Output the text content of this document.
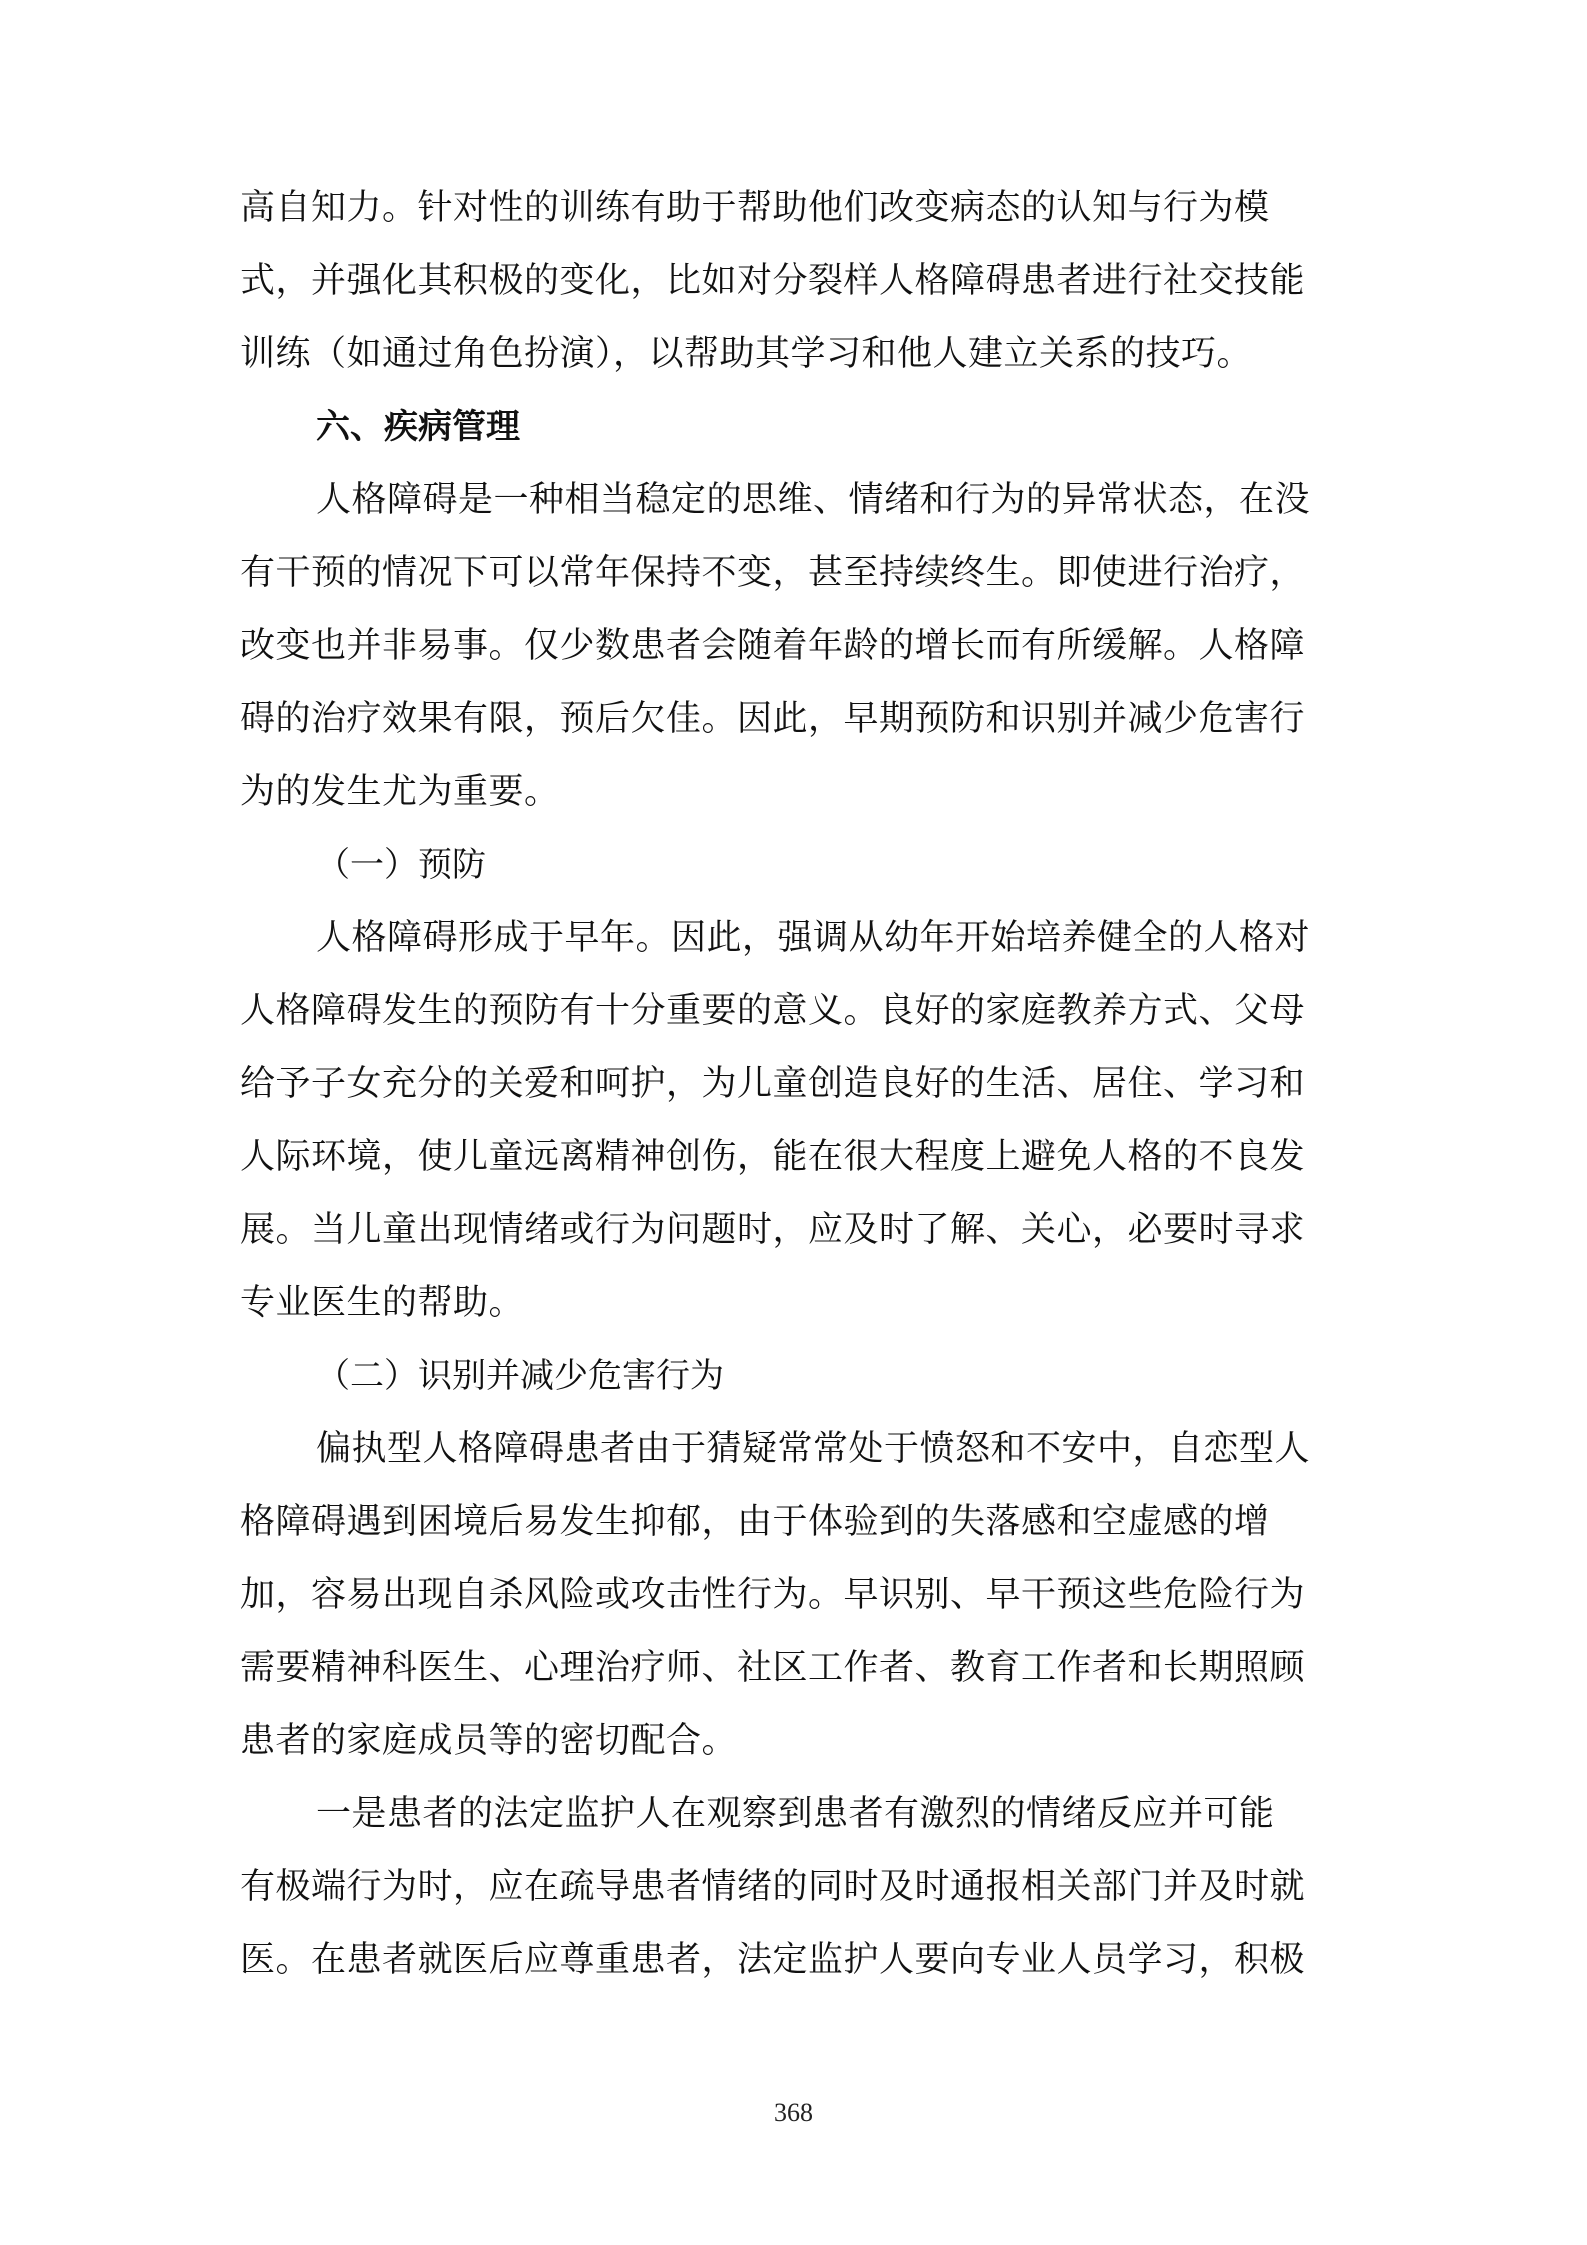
高自知力。针对性的训练有助于帮助他们改变病态的认知与行为模
式，并强化其积极的变化，比如对分裂样人格障碍患者进行社交技能
训练（如通过角色扮演），以帮助其学习和他人建立关系的技巧。
六、疾病管理
人格障碍是一种相当稳定的思维、情绪和行为的异常状态，在没
有干预的情况下可以常年保持不变，甚至持续终生。即使进行治疗，
改变也并非易事。仅少数患者会随着年龄的增长而有所缓解。人格障
碍的治疗效果有限，预后欠佳。因此，早期预防和识别并减少危害行
为的发生尤为重要。
（一）预防
人格障碍形成于早年。因此，强调从幼年开始培养健全的人格对
人格障碍发生的预防有十分重要的意义。良好的家庭教养方式、父母
给予子女充分的关爱和呵护，为儿童创造良好的生活、居住、学习和
人际环境，使儿童远离精神创伤，能在很大程度上避免人格的不良发
展。当儿童出现情绪或行为问题时，应及时了解、关心，必要时寻求
专业医生的帮助。
（二）识别并减少危害行为
偏执型人格障碍患者由于猜疑常常处于愤怒和不安中，自恋型人
格障碍遇到困境后易发生抑郁，由于体验到的失落感和空虚感的增
加，容易出现自杀风险或攻击性行为。早识别、早干预这些危险行为
需要精神科医生、心理治疗师、社区工作者、教育工作者和长期照顾
患者的家庭成员等的密切配合。
一是患者的法定监护人在观察到患者有激烈的情绪反应并可能
有极端行为时，应在疏导患者情绪的同时及时通报相关部门并及时就
医。在患者就医后应尊重患者，法定监护人要向专业人员学习，积极
368
